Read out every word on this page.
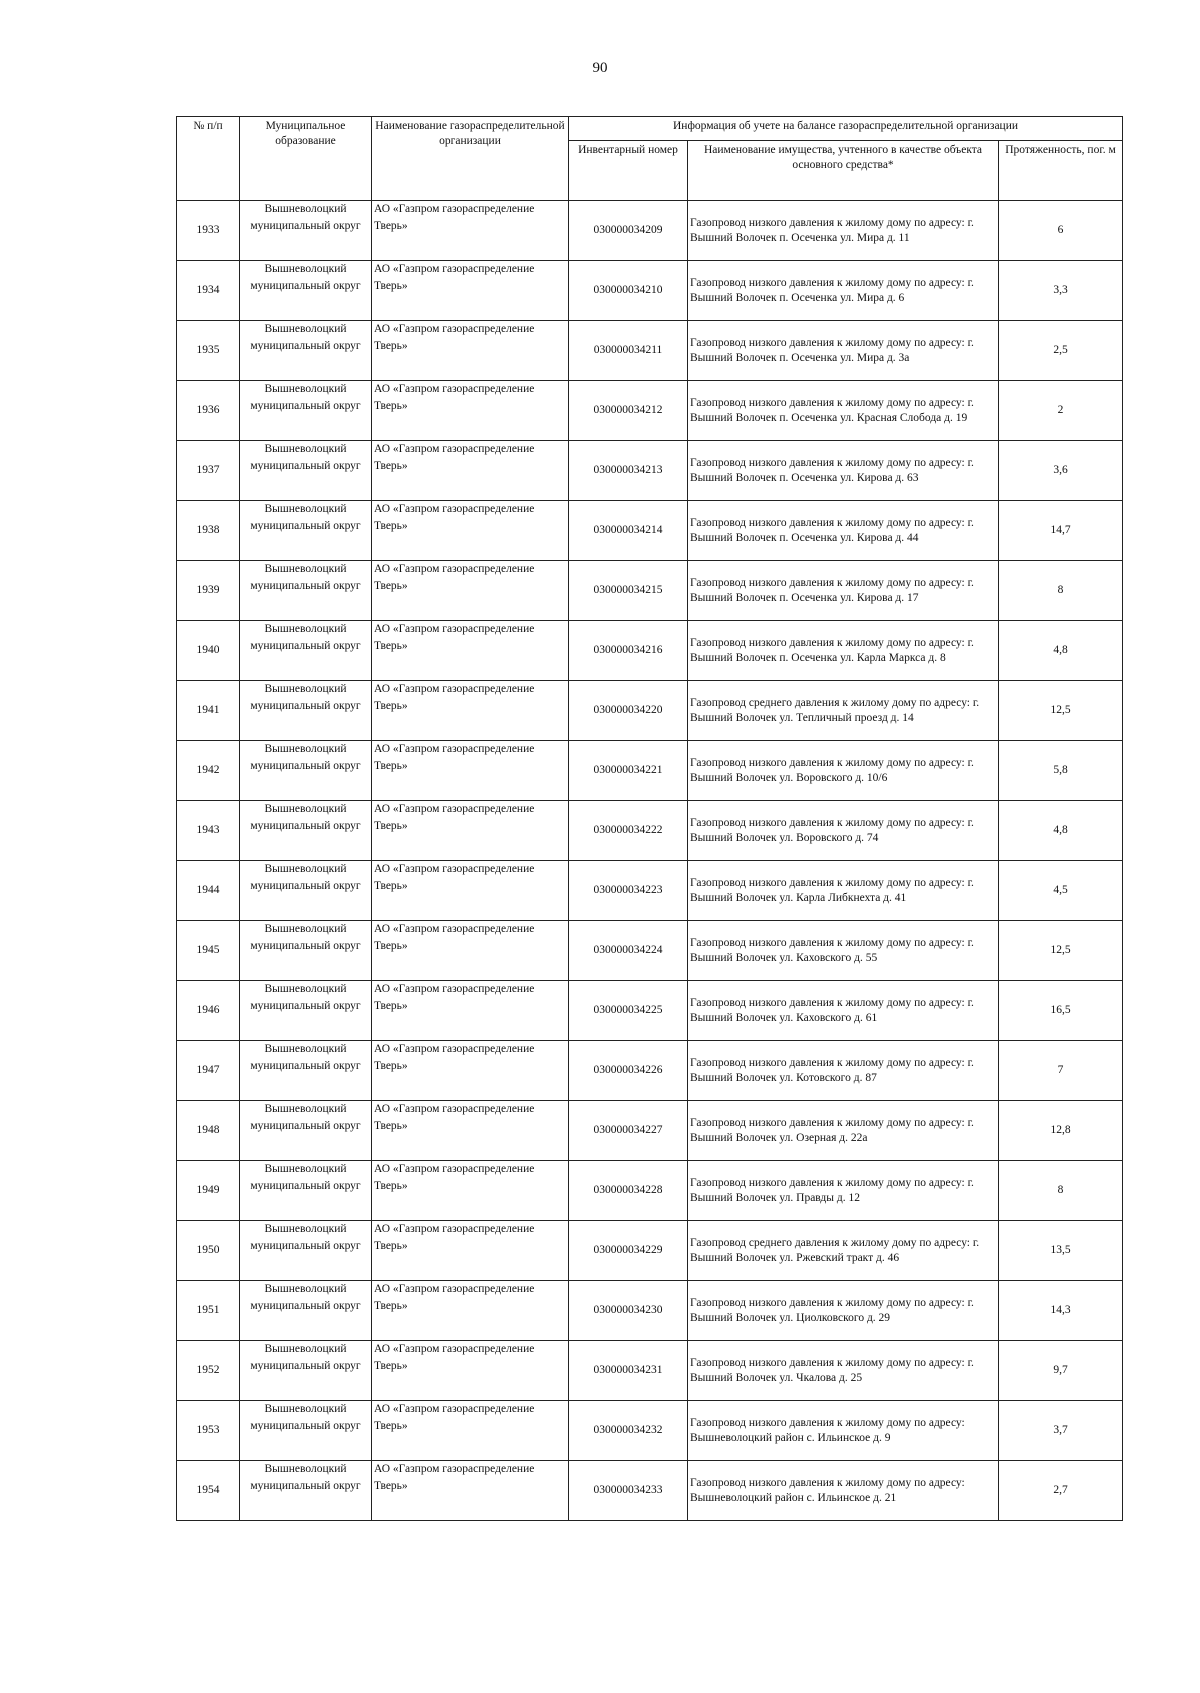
90
№ п/п	Муниципальное образование	Наименование газораспределительной организации	Информация об учете на балансе газораспределительной организации		
			Инвентарный номер	Наименование имущества, учтенного в качестве объекта основного средства*	Протяженность, пог. м
1933	Вышневолоцкий муниципальный округ	АО «Газпром газораспределение Тверь»	030000034209	Газопровод низкого давления к жилому дому по адресу: г. Вышний Волочек п. Осеченка ул. Мира д. 11	6
1934	Вышневолоцкий муниципальный округ	АО «Газпром газораспределение Тверь»	030000034210	Газопровод низкого давления к жилому дому по адресу: г. Вышний Волочек п. Осеченка ул. Мира д. 6	3,3
1935	Вышневолоцкий муниципальный округ	АО «Газпром газораспределение Тверь»	030000034211	Газопровод низкого давления к жилому дому по адресу: г. Вышний Волочек п. Осеченка ул. Мира д. 3а	2,5
1936	Вышневолоцкий муниципальный округ	АО «Газпром газораспределение Тверь»	030000034212	Газопровод низкого давления к жилому дому по адресу: г. Вышний Волочек п. Осеченка ул. Красная Слобода д. 19	2
1937	Вышневолоцкий муниципальный округ	АО «Газпром газораспределение Тверь»	030000034213	Газопровод низкого давления к жилому дому по адресу: г. Вышний Волочек п. Осеченка ул. Кирова д. 63	3,6
1938	Вышневолоцкий муниципальный округ	АО «Газпром газораспределение Тверь»	030000034214	Газопровод низкого давления к жилому дому по адресу: г. Вышний Волочек п. Осеченка ул. Кирова д. 44	14,7
1939	Вышневолоцкий муниципальный округ	АО «Газпром газораспределение Тверь»	030000034215	Газопровод низкого давления к жилому дому по адресу: г. Вышний Волочек п. Осеченка ул. Кирова д. 17	8
1940	Вышневолоцкий муниципальный округ	АО «Газпром газораспределение Тверь»	030000034216	Газопровод низкого давления к жилому дому по адресу: г. Вышний Волочек п. Осеченка ул. Карла Маркса д. 8	4,8
1941	Вышневолоцкий муниципальный округ	АО «Газпром газораспределение Тверь»	030000034220	Газопровод среднего давления к жилому дому по адресу: г. Вышний Волочек ул. Тепличный проезд д. 14	12,5
1942	Вышневолоцкий муниципальный округ	АО «Газпром газораспределение Тверь»	030000034221	Газопровод низкого давления к жилому дому по адресу: г. Вышний Волочек ул. Воровского д. 10/6	5,8
1943	Вышневолоцкий муниципальный округ	АО «Газпром газораспределение Тверь»	030000034222	Газопровод низкого давления к жилому дому по адресу: г. Вышний Волочек ул. Воровского д. 74	4,8
1944	Вышневолоцкий муниципальный округ	АО «Газпром газораспределение Тверь»	030000034223	Газопровод низкого давления к жилому дому по адресу: г. Вышний Волочек ул. Карла Либкнехта д. 41	4,5
1945	Вышневолоцкий муниципальный округ	АО «Газпром газораспределение Тверь»	030000034224	Газопровод низкого давления к жилому дому по адресу: г. Вышний Волочек ул. Каховского д. 55	12,5
1946	Вышневолоцкий муниципальный округ	АО «Газпром газораспределение Тверь»	030000034225	Газопровод низкого давления к жилому дому по адресу: г. Вышний Волочек ул. Каховского д. 61	16,5
1947	Вышневолоцкий муниципальный округ	АО «Газпром газораспределение Тверь»	030000034226	Газопровод низкого давления к жилому дому по адресу: г. Вышний Волочек ул. Котовского д. 87	7
1948	Вышневолоцкий муниципальный округ	АО «Газпром газораспределение Тверь»	030000034227	Газопровод низкого давления к жилому дому по адресу: г. Вышний Волочек ул. Озерная д. 22а	12,8
1949	Вышневолоцкий муниципальный округ	АО «Газпром газораспределение Тверь»	030000034228	Газопровод низкого давления к жилому дому по адресу: г. Вышний Волочек ул. Правды д. 12	8
1950	Вышневолоцкий муниципальный округ	АО «Газпром газораспределение Тверь»	030000034229	Газопровод среднего давления к жилому дому по адресу: г. Вышний Волочек ул. Ржевский тракт д. 46	13,5
1951	Вышневолоцкий муниципальный округ	АО «Газпром газораспределение Тверь»	030000034230	Газопровод низкого давления к жилому дому по адресу: г. Вышний Волочек ул. Циолковского д. 29	14,3
1952	Вышневолоцкий муниципальный округ	АО «Газпром газораспределение Тверь»	030000034231	Газопровод низкого давления к жилому дому по адресу: г. Вышний Волочек ул. Чкалова д. 25	9,7
1953	Вышневолоцкий муниципальный округ	АО «Газпром газораспределение Тверь»	030000034232	Газопровод низкого давления к жилому дому по адресу: Вышневолоцкий район с. Ильинское д. 9	3,7
1954	Вышневолоцкий муниципальный округ	АО «Газпром газораспределение Тверь»	030000034233	Газопровод низкого давления к жилому дому по адресу: Вышневолоцкий район с. Ильинское д. 21	2,7
